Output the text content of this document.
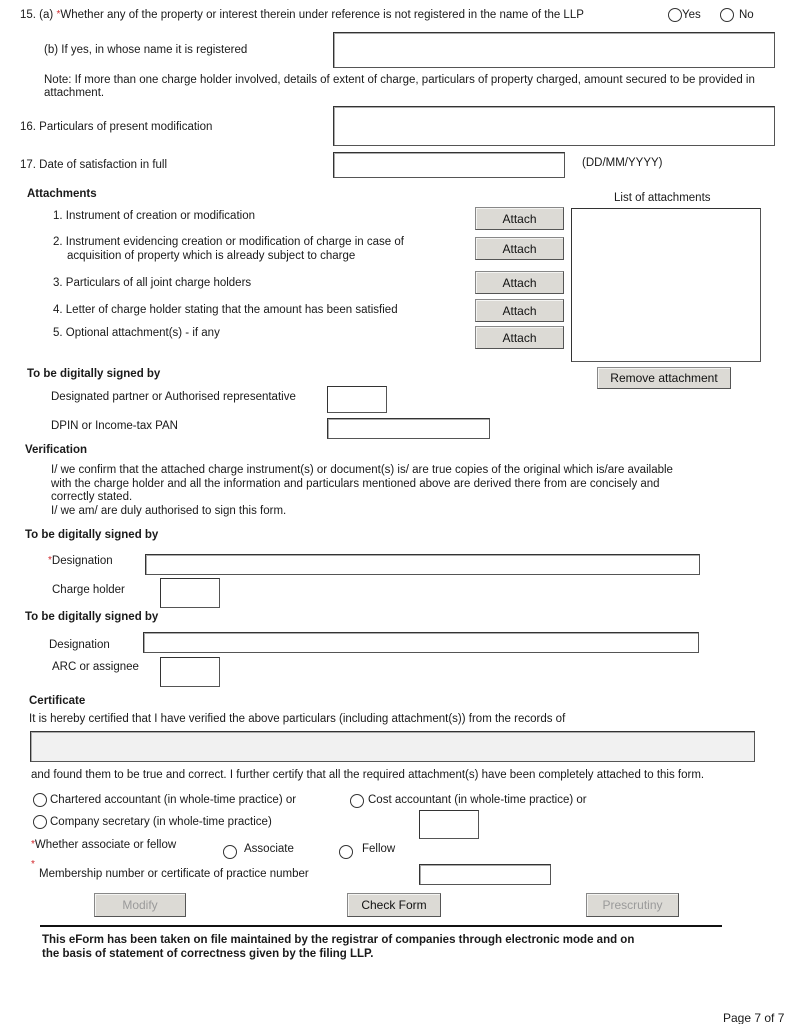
15. (a) *Whether any of the property or interest therein under reference is not registered in the name of the LLP	Yes	No
(b) If yes, in whose name it is registered
Note: If more than one charge holder involved, details of extent of charge, particulars of property charged, amount secured to be provided in attachment.
16. Particulars of present modification
17. Date of satisfaction in full	(DD/MM/YYYY)
Attachments	List of attachments
1. Instrument of creation or modification	Attach
2. Instrument evidencing creation or modification of charge in case of
acquisition of property which is already subject to charge
Attach
3. Particulars of all joint charge holders	Attach
4. Letter of charge holder stating that the amount has been satisfied	Attach
5. Optional attachment(s) - if any	Attach
Remove attachment
To be digitally signed by
Designated partner or Authorised representative
DPIN or Income-tax PAN
Verification
I/ we confirm that the attached charge instrument(s) or document(s) is/ are true copies of the original which is/are available
with the charge holder and all the information and particulars mentioned above are derived there from are concisely and
correctly stated.
I/ we am/ are duly authorised to sign this form.
To be digitally signed by
*Designation
Charge holder
To be digitally signed by
Designation
ARC or assignee
Certificate
It is hereby certified that I have verified the above particulars (including attachment(s)) from the records of
and found them to be true and correct. I further certify that all the required attachment(s) have been completely attached to this form.
Chartered accountant (in whole-time practice) or	Cost accountant (in whole-time practice) or
Company secretary (in whole-time practice)
*Whether associate or fellow	Associate	Fellow
*
Membership number or certificate of practice number
Modify	Check Form	Prescrutiny
This eForm has been taken on file maintained by the registrar of companies through electronic mode and on
the basis of statement of correctness given by the filing LLP.
Page 7 of 7
